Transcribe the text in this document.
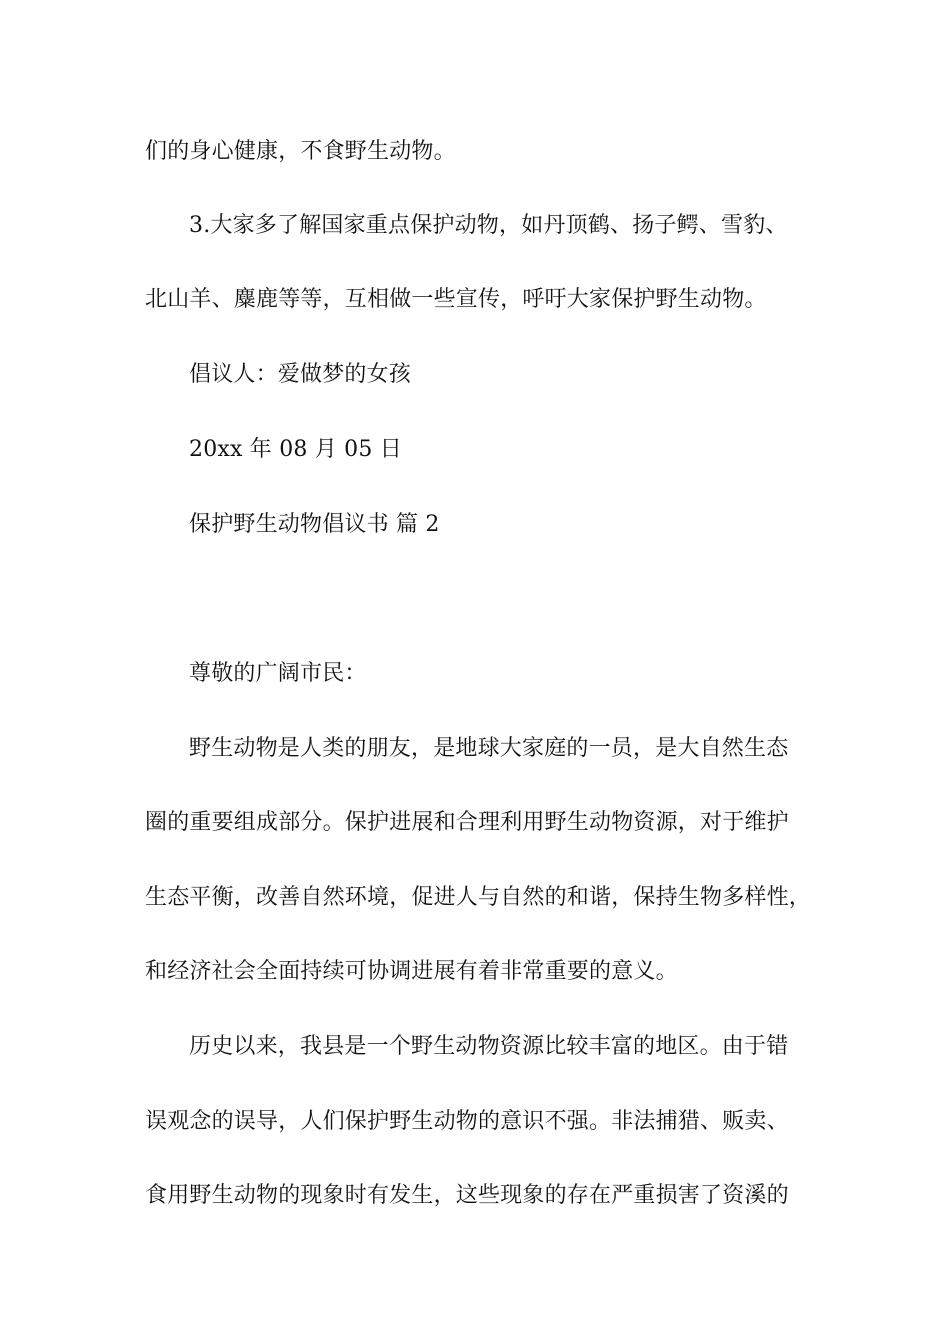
们的身心健康，不食野生动物。
3.大家多了解国家重点保护动物，如丹顶鹤、扬子鳄、雪豹、
北山羊、麋鹿等等，互相做一些宣传，呼吁大家保护野生动物。
倡议人：爱做梦的女孩
20xx 年 08 月 05 日
保护野生动物倡议书 篇 2
尊敬的广阔市民：
野生动物是人类的朋友，是地球大家庭的一员，是大自然生态
圈的重要组成部分。保护进展和合理利用野生动物资源，对于维护
生态平衡，改善自然环境，促进人与自然的和谐，保持生物多样性，
和经济社会全面持续可协调进展有着非常重要的意义。
历史以来，我县是一个野生动物资源比较丰富的地区。由于错
误观念的误导，人们保护野生动物的意识不强。非法捕猎、贩卖、
食用野生动物的现象时有发生，这些现象的存在严重损害了资溪的
